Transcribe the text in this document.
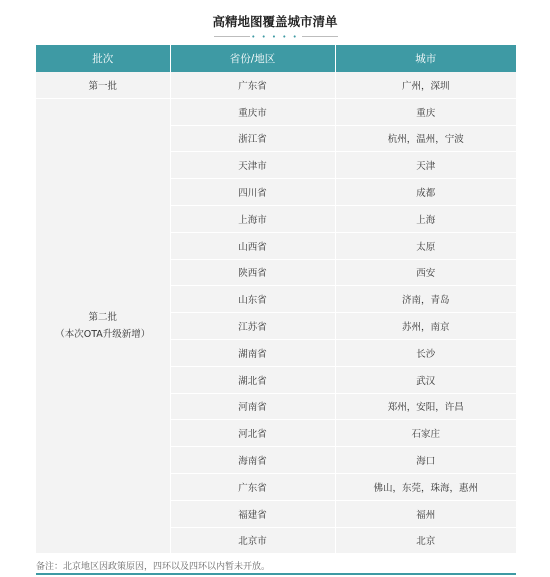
高精地图覆盖城市清单
• • • • •
批次	省份/地区	城市
第一批	广东省	广州，深圳

第二批
（本次OTA升级新增）	重庆市	重庆
	浙江省	杭州，温州，宁波
	天津市	天津
	四川省	成都
	上海市	上海
	山西省	太原
	陕西省	西安
	山东省	济南，青岛
	江苏省	苏州，南京
	湖南省	长沙
	湖北省	武汉
	河南省	郑州，安阳，许昌
	河北省	石家庄
	海南省	海口
	广东省	佛山，东莞，珠海，惠州
	福建省	福州
	北京市	北京
备注：北京地区因政策原因，四环以及四环以内暂未开放。
